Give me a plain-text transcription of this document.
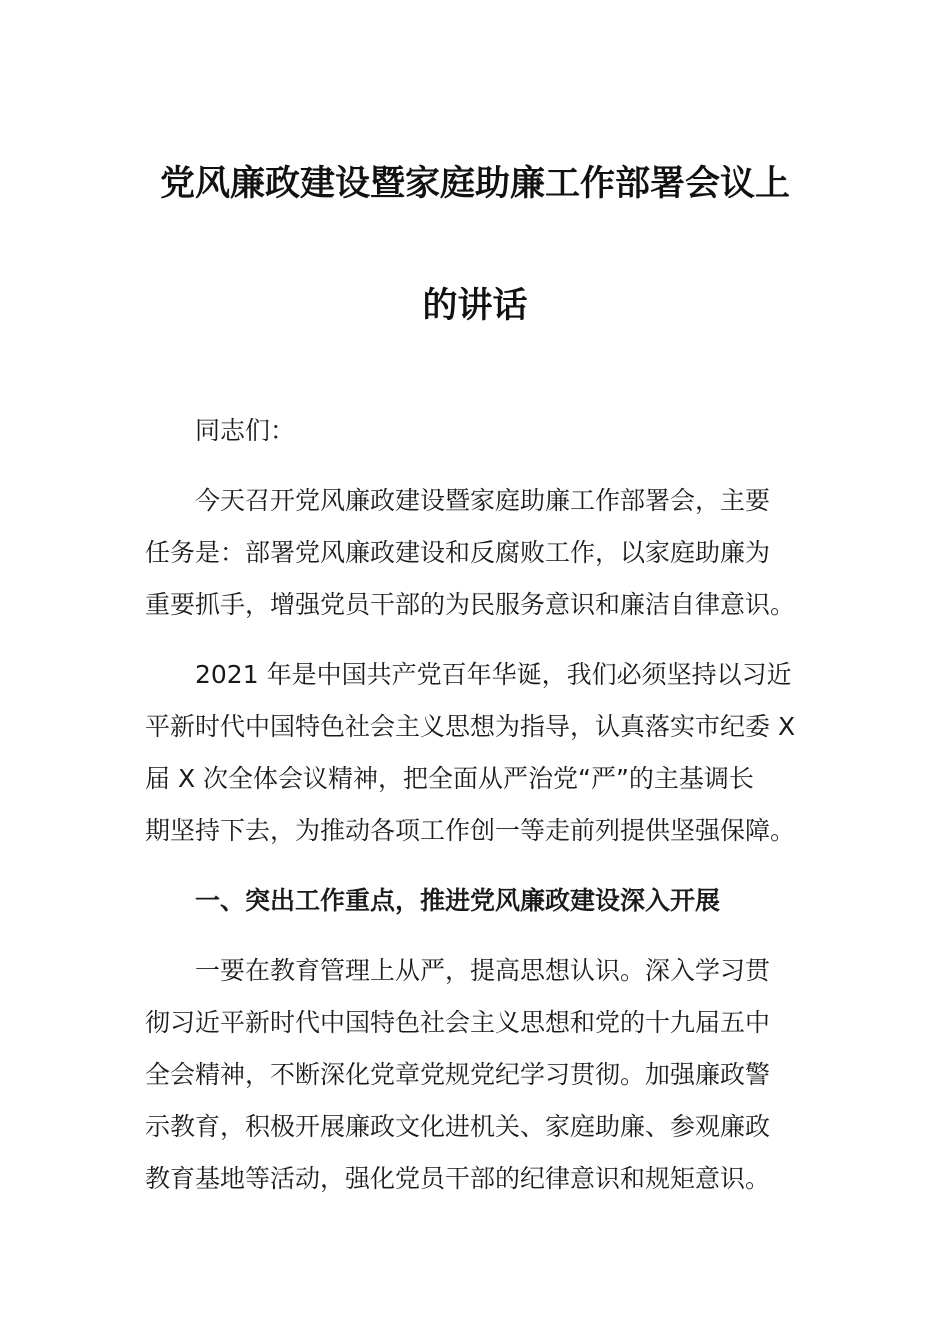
党风廉政建设暨家庭助廉工作部署会议上
的讲话
同志们：
今天召开党风廉政建设暨家庭助廉工作部署会，主要
任务是：部署党风廉政建设和反腐败工作，以家庭助廉为
重要抓手，增强党员干部的为民服务意识和廉洁自律意识。
2021 年是中国共产党百年华诞，我们必须坚持以习近
平新时代中国特色社会主义思想为指导，认真落实市纪委 X
届 X 次全体会议精神，把全面从严治党“严”的主基调长
期坚持下去，为推动各项工作创一等走前列提供坚强保障。
一、突出工作重点，推进党风廉政建设深入开展
一要在教育管理上从严，提高思想认识。深入学习贯
彻习近平新时代中国特色社会主义思想和党的十九届五中
全会精神，不断深化党章党规党纪学习贯彻。加强廉政警
示教育，积极开展廉政文化进机关、家庭助廉、参观廉政
教育基地等活动，强化党员干部的纪律意识和规矩意识。
